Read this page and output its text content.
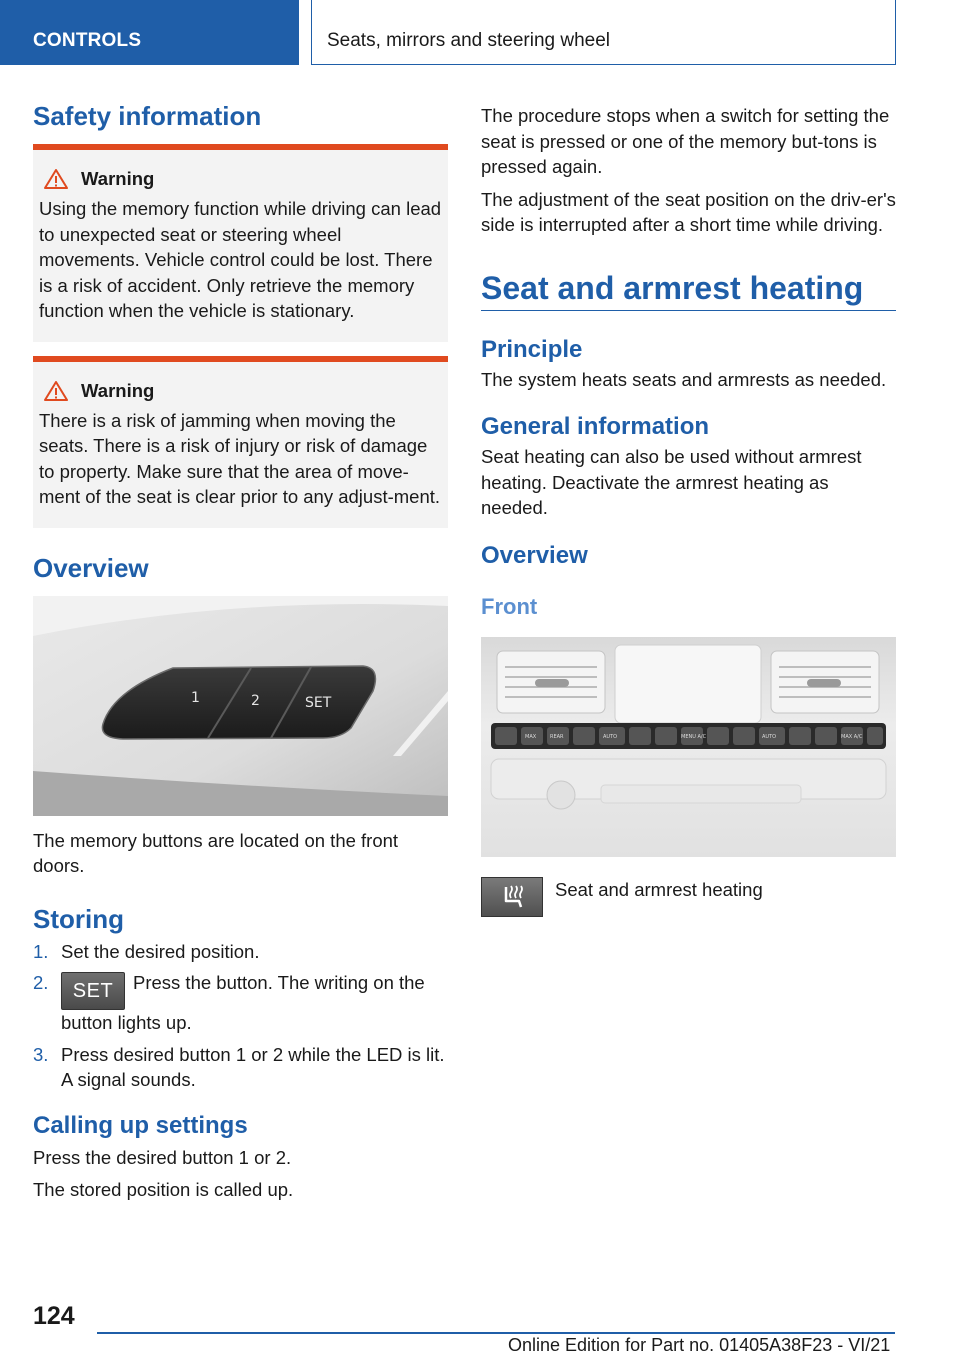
CONTROLS	Seats, mirrors and steering wheel
Safety information
Warning
Using the memory function while driving can lead to unexpected seat or steering wheel movements. Vehicle control could be lost. There is a risk of accident. Only retrieve the memory function when the vehicle is stationary.
Warning
There is a risk of jamming when moving the seats. There is a risk of injury or risk of damage to property. Make sure that the area of move-ment of the seat is clear prior to any adjust-ment.
Overview
1	2	SET
The memory buttons are located on the front doors.
Storing
1. Set the desired position.
2.	SET Press the button. The writing on the button lights up.
3. Press desired button 1 or 2 while the LED is lit. A signal sounds.
Calling up settings
Press the desired button 1 or 2.
The stored position is called up.
The procedure stops when a switch for setting the seat is pressed or one of the memory but-tons is pressed again.
The adjustment of the seat position on the driv-er's side is interrupted after a short time while driving.
Seat and armrest heating
Principle
The system heats seats and armrests as needed.
General information
Seat heating can also be used without armrest heating. Deactivate the armrest heating as needed.
Overview
Front
MAX	REAR	AUTO	MENU A/C	AUTO	MAX A/C
Seat and armrest heating
124
Online Edition for Part no. 01405A38F23 - VI/21
